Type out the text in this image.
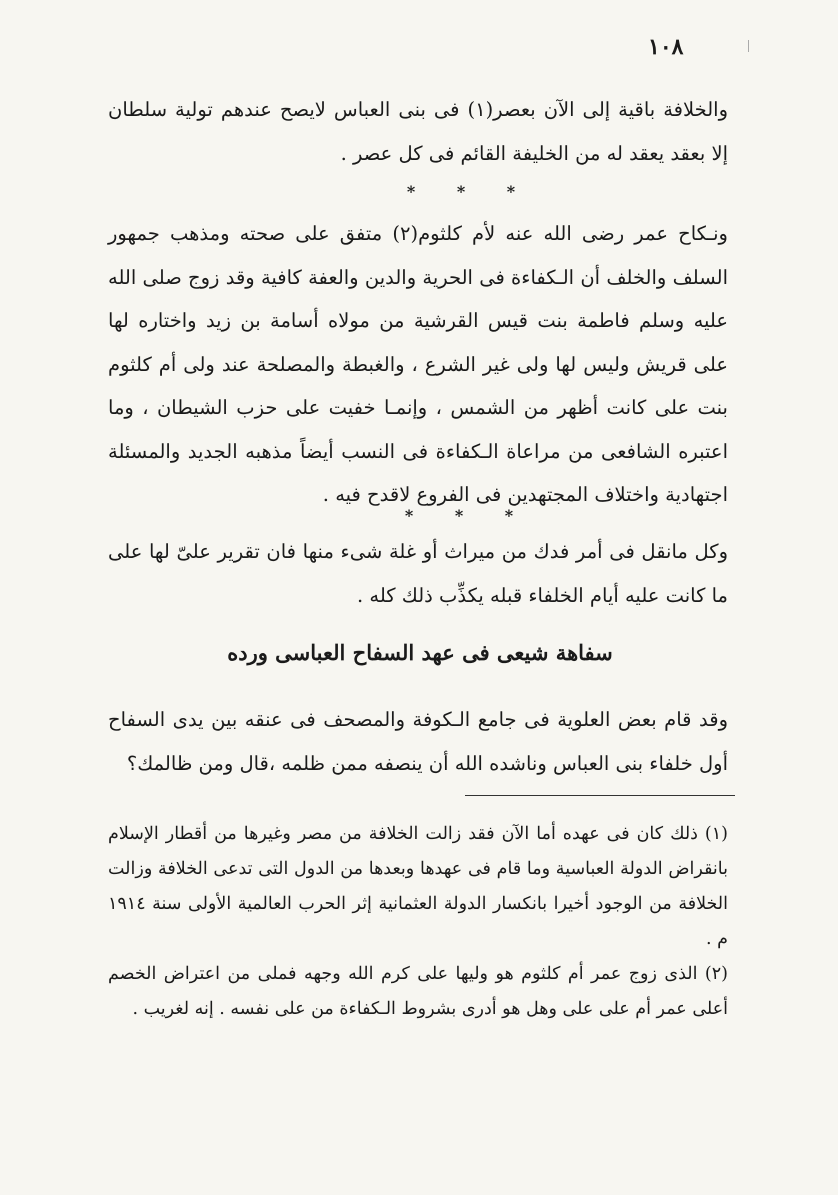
١٠٨
والخلافة باقية إلى الآن بعصر(١) فى بنى العباس لايصح عندهم تولية سلطان إلا بعقد يعقد له من الخليفة القائم فى كل عصر .
* * *
ونـكاح عمر رضى الله عنه لأم كلثوم(٢) متفق على صحته ومذهب جمهور السلف والخلف أن الـكفاءة فى الحرية والدين والعفة كافية وقد زوج صلى الله عليه وسلم فاطمة بنت قيس القرشية من مولاه أسامة بن زيد واختاره لها على قريش وليس لها ولى غير الشرع ، والغبطة والمصلحة عند ولى أم كلثوم بنت على كانت أظهر من الشمس ، وإنمـا خفيت على حزب الشيطان ، وما اعتبره الشافعى من مراعاة الـكفاءة فى النسب أيضاً مذهبه الجديد والمسئلة اجتهادية واختلاف المجتهدين فى الفروع لاقدح فيه .
* * *
وكل مانقل فى أمر فدك من ميراث أو غلة شىء منها فان تقرير علىّ لها على ما كانت عليه أيام الخلفاء قبله يكذِّب ذلك كله .
سفاهة شيعى فى عهد السفاح العباسى ورده
وقد قام بعض العلوية فى جامع الـكوفة والمصحف فى عنقه بين يدى السفاح أول خلفاء بنى العباس وناشده الله أن ينصفه ممن ظلمه ،قال ومن ظالمك؟

(١) ذلك كان فى عهده أما الآن فقد زالت الخلافة من مصر وغيرها من أقطار الإسلام بانقراض الدولة العباسية وما قام فى عهدها وبعدها من الدول التى تدعى الخلافة وزالت الخلافة من الوجود أخيرا بانكسار الدولة العثمانية إثر الحرب العالمية الأولى سنة ١٩١٤ م .

(٢) الذى زوج عمر أم كلثوم هو وليها على كرم الله وجهه فملى من اعتراض الخصم أعلى عمر أم على على وهل هو أدرى بشروط الـكفاءة من على نفسه . إنه لغريب .
